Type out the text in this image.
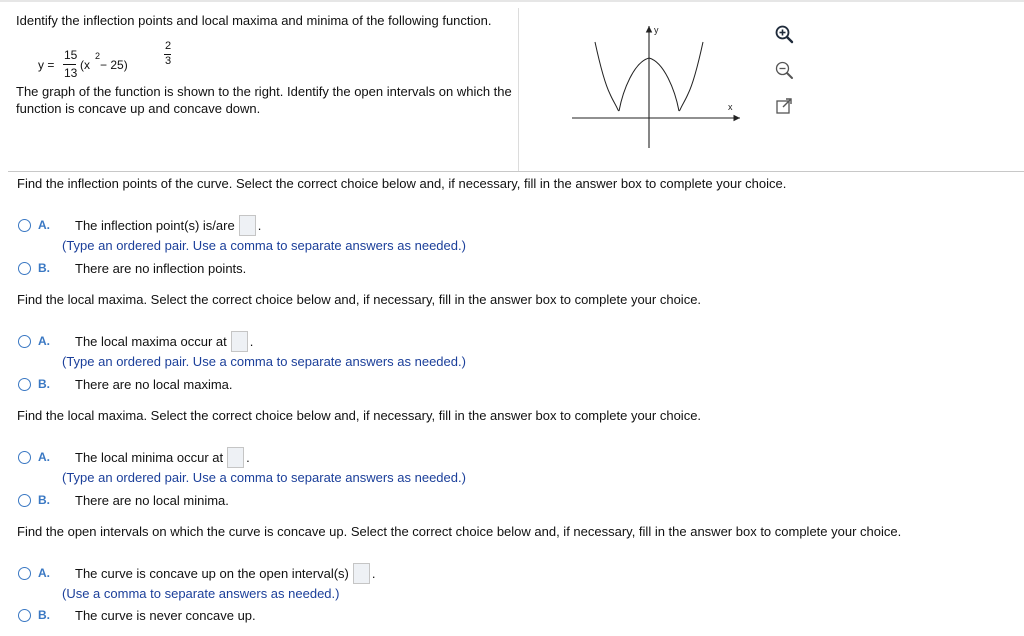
Identify the inflection points and local maxima and minima of the following function.

y =
15
13
(x
2
− 25)
2
3

The graph of the function is shown to the right. Identify the open intervals on which the function is concave up and concave down.	x
y
Find the inflection points of the curve. Select the correct choice below and, if necessary, fill in the answer box to complete your choice.
A.	The inflection point(s) is/are .
(Type an ordered pair. Use a comma to separate answers as needed.)
B.	There are no inflection points.
Find the local maxima. Select the correct choice below and, if necessary, fill in the answer box to complete your choice.
A.	The local maxima occur at .
(Type an ordered pair. Use a comma to separate answers as needed.)
B.	There are no local maxima.
Find the local maxima. Select the correct choice below and, if necessary, fill in the answer box to complete your choice.
A.	The local minima occur at .
(Type an ordered pair. Use a comma to separate answers as needed.)
B.	There are no local minima.
Find the open intervals on which the curve is concave up. Select the correct choice below and, if necessary, fill in the answer box to complete your choice.
A.	The curve is concave up on the open interval(s) .
(Use a comma to separate answers as needed.)
B.	The curve is never concave up.
